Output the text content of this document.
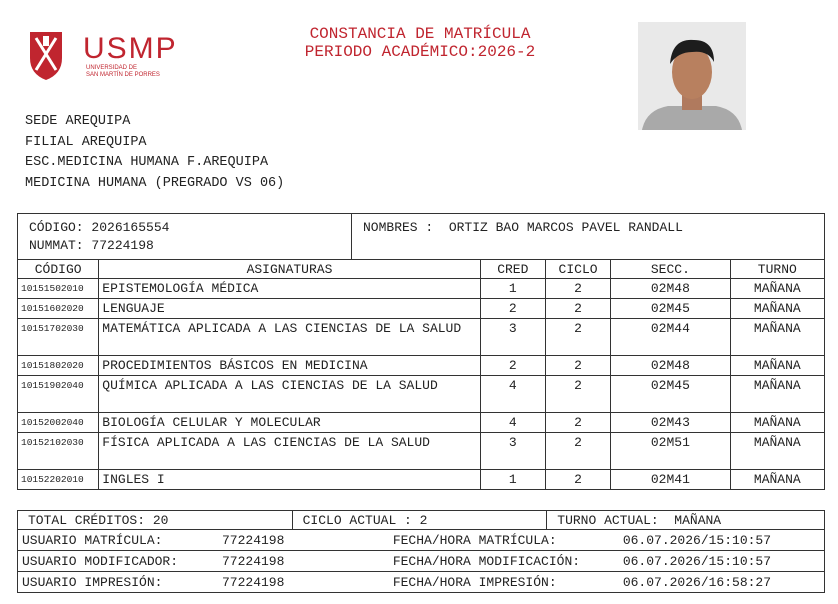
USMP
UNIVERSIDAD DE
SAN MARTÍN DE PORRES
CONSTANCIA DE MATRÍCULA
PERIODO ACADÉMICO:2026-2
SEDE AREQUIPA
FILIAL AREQUIPA
ESC.MEDICINA HUMANA F.AREQUIPA
MEDICINA HUMANA (PREGRADO VS 06)
CÓDIGO: 2026165554
NUMMAT: 77224198
NOMBRES : ORTIZ BAO MARCOS PAVEL RANDALL
CÓDIGO	ASIGNATURAS	CRED	CICLO	SECC.	TURNO
10151502010	EPISTEMOLOGÍA MÉDICA	1	2	02M48	MAÑANA
10151602020	LENGUAJE	2	2	02M45	MAÑANA
10151702030	MATEMÁTICA APLICADA A LAS CIENCIAS DE LA SALUD	3	2	02M44	MAÑANA
10151802020	PROCEDIMIENTOS BÁSICOS EN MEDICINA	2	2	02M48	MAÑANA
10151902040	QUÍMICA APLICADA A LAS CIENCIAS DE LA SALUD	4	2	02M45	MAÑANA
10152002040	BIOLOGÍA CELULAR Y MOLECULAR	4	2	02M43	MAÑANA
10152102030	FÍSICA APLICADA A LAS CIENCIAS DE LA SALUD	3	2	02M51	MAÑANA
10152202010	INGLES I	1	2	02M41	MAÑANA
TOTAL CRÉDITOS: 20	CICLO ACTUAL : 2	TURNO ACTUAL: MAÑANA
USUARIO MATRÍCULA: 77224198	FECHA/HORA MATRÍCULA: 06.07.2026/15:10:57
USUARIO MODIFICADOR: 77224198	FECHA/HORA MODIFICACIÓN: 06.07.2026/15:10:57
USUARIO IMPRESIÓN: 77224198	FECHA/HORA IMPRESIÓN: 06.07.2026/16:58:27
